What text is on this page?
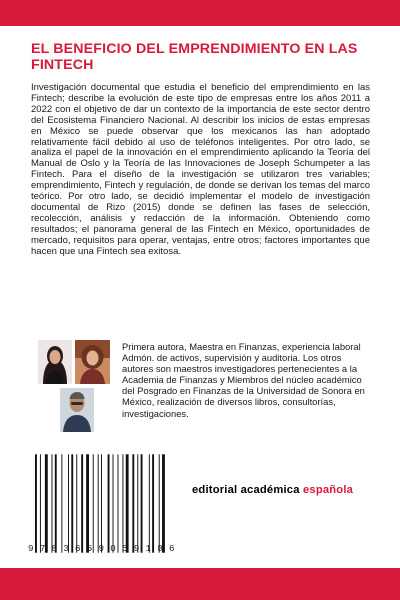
EL BENEFICIO DEL EMPRENDIMIENTO EN LAS FINTECH

Investigación documental que estudia el beneficio del emprendimiento en las Fintech; describe la evolución de este tipo de empresas entre los años 2011 a 2022 con el objetivo de dar un contexto de la importancia de este sector dentro del Ecosistema Financiero Nacional. Al describir los inicios de estas empresas en México se puede observar que los mexicanos las han adoptado relativamente fácil debido al uso de teléfonos inteligentes. Por otro lado, se analiza el papel de la innovación en el emprendimiento aplicando la Teoría del Manual de Oslo y la Teoría de las Innovaciones de Joseph Schumpeter a las Fintech. Para el diseño de la investigación se utilizaron tres variables; emprendimiento, Fintech y regulación, de donde se derivan los temas del marco teórico. Por otro lado, se decidió implementar el modelo de investigación documental de Rizo (2015) donde se definen las fases de selección, recolección, análisis y redacción de la información. Obteniendo como resultados; el panorama general de las Fintech en México, oportunidades de mercado, requisitos para operar, ventajas, entre otros; factores importantes que hacen que una Fintech sea exitosa.

Primera autora, Maestra en Finanzas, experiencia laboral Admón. de activos, supervisión y auditoria. Los otros autores son maestros investigadores pertenecientes a la Academia de Finanzas y Miembros del núcleo académico del Posgrado en Finanzas de la Universidad de Sonora en México, realización de diversos libros, consultorías, investigaciones.

9 7 8 3 6 5 9 0 5 9 1 8 6
editorial académica española
